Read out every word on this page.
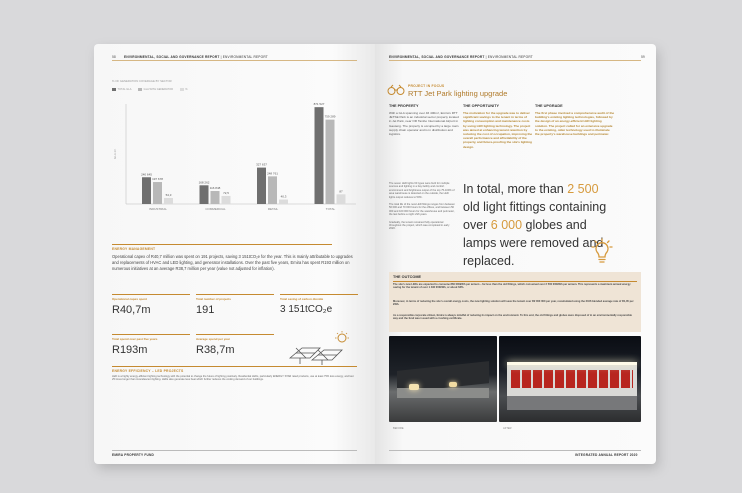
58	ENVIRONMENTAL, SOCIAL AND GOVERNANCE REPORT | ENVIRONMENTAL REPORT
% OF GENERATION COVERAGE BY SECTOR
TOTAL GLA	GLA WITH GENERATOR	%
GLA m²
240 645
197 678
54,3
INDUSTRIAL
168 262
116 848
72,5
COMMERCIAL
327 637
248 761
40,3
RETAIL
871 527
759 289
87
TOTAL
ENERGY MANAGEMENT
Operational capex of R40,7 million was spent on 191 projects, saving 3 151tCO₂e for the year. This is mainly attributable to upgrades and replacements of HVAC and LED lighting, and generator installations. Over the past five years, Emira has spent R193 million on numerous initiatives at an average R38,7 million per year (value not adjusted for inflation).
Operational capex spent
R40,7m
Total number of projects
191
Total saving of carbon dioxide
3 151tCO₂e
Total spend over past five years
R193m
Average spend per year
R38,7m
ENERGY EFFICIENCY – LED PROJECTS
LED is a highly energy-efficient lighting technology with the potential to change the future of lighting positively. Residential LEDs, particularly ENERGY STAR rated products, use at least 75% less energy, and last 25 times longer than incandescent lighting. LEDs also generate less heat which further reduces the cooling demand of our buildings.
EMIRA PROPERTY FUND
ENVIRONMENTAL, SOCIAL AND GOVERNANCE REPORT | ENVIRONMENTAL REPORT	59
PROJECT IN FOCUS
RTT Jet Park lighting upgrade
THE PROPERTY
With a GLA spanning over 46 400m², Emira’s RTT JETSE Park is an industrial sector property located in Jet Park, near OR Tambo International Airport in Gauteng. The property is occupied by a large main supply chain operator and is in distribution and logistics.
THE OPPORTUNITY
The motivation for the upgrade was to deliver significant savings to the tenant in terms of lighting consumption and maintenance costs by using LED lighting technology. The project was aimed at enhancing tenant retention by reducing the cost of occupation, improving the overall performance and affordability of the property, and future-proofing the site’s lighting design.
THE UPGRADE
The first phase involved a comprehensive audit of the building’s existing lighting technologies, followed by the design of an energy-efficient LED lighting solution. The project called for an extensive upgrade to the existing, older technology used to illuminate the property’s warehouse buildings and perimeter.
The seven LED lights 60 types were built for multiple sources and lighting in a bay facility and comfort environment and brightness output of the top 75-100% of area warehouse is detected on the outside, the LED lights output reduces to 50%.
The total life of the new LED fittings ranges from between 50 000 and 70 000 hours for the offices, and between 50 000 and 100 000 hours for the warehouse and perimeter, the last before a night shift years.
Gradually, the tenant remained fully operational throughout the project, which was completed in early 2020.
In total, more than 2 500 old light fittings containing over 6 000 globes and lamps were removed and replaced.
THE OUTCOME
The site’s new LEDs are expected to consume 860 000kWh per annum – far less than the old fittings, which consumed over 2 500 000kWh per annum. This represents a maximum annual energy saving for the tenant of over 1 490 000kWh, or about 63%.
Moreover, in terms of reducing the site’s overall energy costs, the new lighting solution will save the tenant over R2 000 000 per year, recalculated using the 2106 blended average rate of R1,35 per kWh.
As a responsible corporate citizen, Emira is always mindful of reducing its impact on the environment. To this end, the old fittings and globes were disposed of in an environmentally responsible way and the fund was issued with a crushing certificate.
BEFORE	AFTER
INTEGRATED ANNUAL REPORT 2020
